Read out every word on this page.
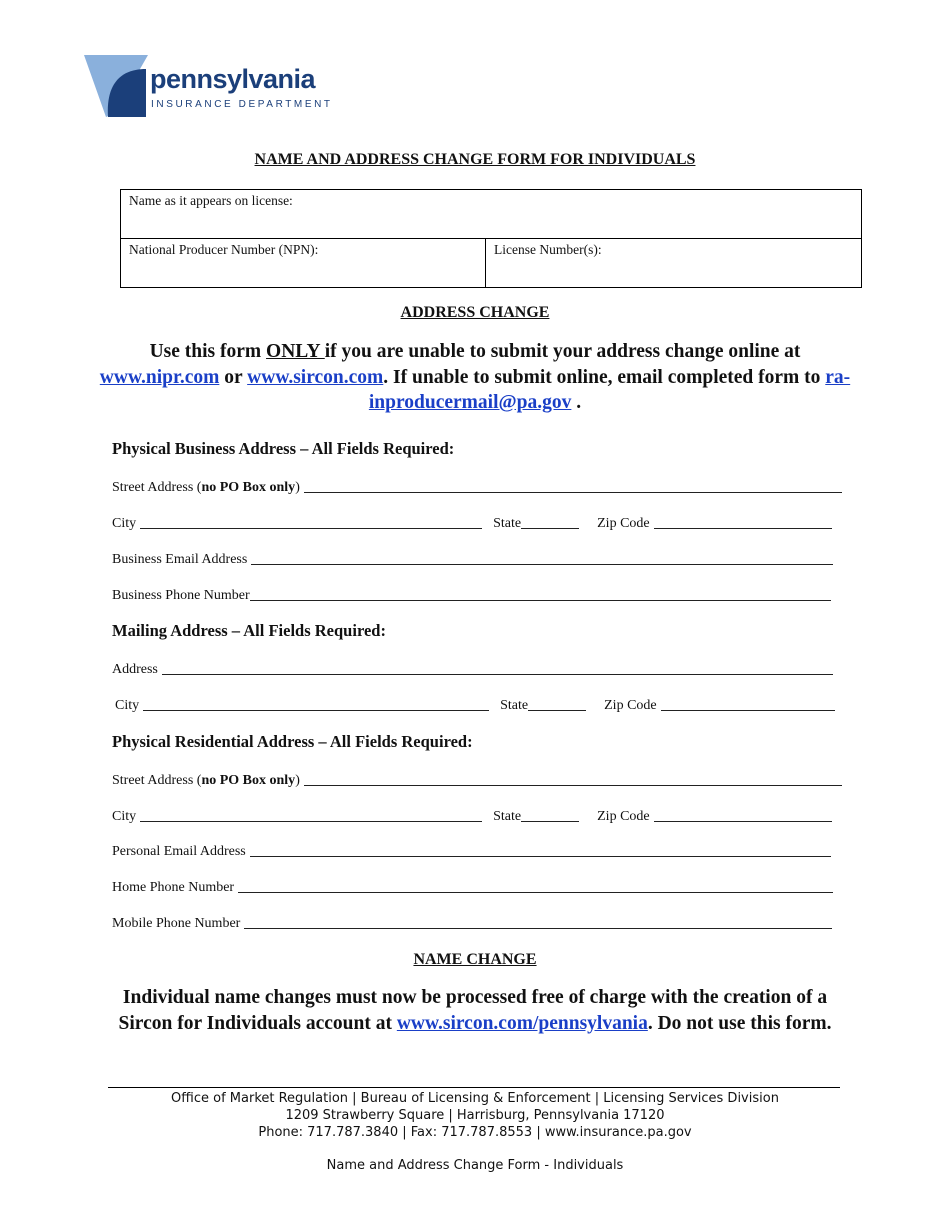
pennsylvania
INSURANCE DEPARTMENT
NAME AND ADDRESS CHANGE FORM FOR INDIVIDUALS
Name as it appears on license:
National Producer Number (NPN):	License Number(s):
ADDRESS CHANGE
Use this form ONLY if you are unable to submit your address change online at www.nipr.com or www.sircon.com. If unable to submit online, email completed form to ra-inproducermail@pa.gov .
Physical Business Address – All Fields Required:
Street Address (no PO Box only)
City	State	Zip Code
Business Email Address
Business Phone Number
Mailing Address – All Fields Required:
Address
City	State	Zip Code
Physical Residential Address – All Fields Required:
Street Address (no PO Box only)
City	State	Zip Code
Personal Email Address
Home Phone Number
Mobile Phone Number
NAME CHANGE
Individual name changes must now be processed free of charge with the creation of a Sircon for Individuals account at www.sircon.com/pennsylvania. Do not use this form.
Office of Market Regulation | Bureau of Licensing & Enforcement | Licensing Services Division
1209 Strawberry Square | Harrisburg, Pennsylvania 17120
Phone: 717.787.3840 | Fax: 717.787.8553 | www.insurance.pa.gov
Name and Address Change Form - Individuals
